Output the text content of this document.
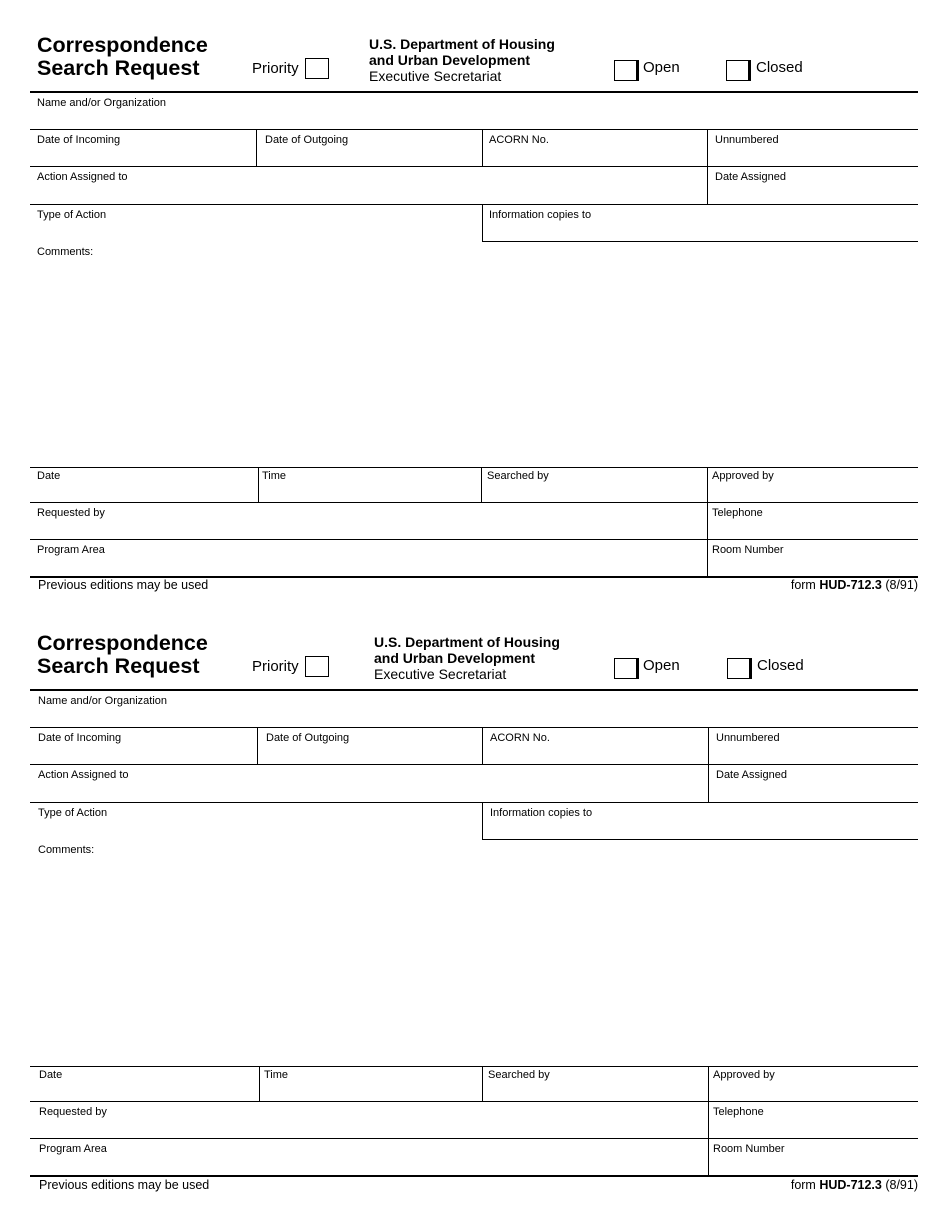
Correspondence
Search Request	Priority
U.S. Department of Housing
and Urban Development
Executive Secretariat	Open	Closed
Name and/or Organization
Date of Incoming	Date of Outgoing	ACORN No.	Unnumbered
Action Assigned to	Date Assigned
Type of Action	Information copies to
Comments:
Date	Time	Searched by	Approved by
Requested by	Telephone
Program Area	Room Number
Previous editions may be used	form HUD-712.3 (8/91)
Correspondence
Search Request	Priority
U.S. Department of Housing
and Urban Development
Executive Secretariat	Open	Closed
Name and/or Organization
Date of Incoming	Date of Outgoing	ACORN No.	Unnumbered
Action Assigned to	Date Assigned
Type of Action	Information copies to
Comments:
Date	Time	Searched by	Approved by
Requested by	Telephone
Program Area	Room Number
Previous editions may be used	form HUD-712.3 (8/91)
